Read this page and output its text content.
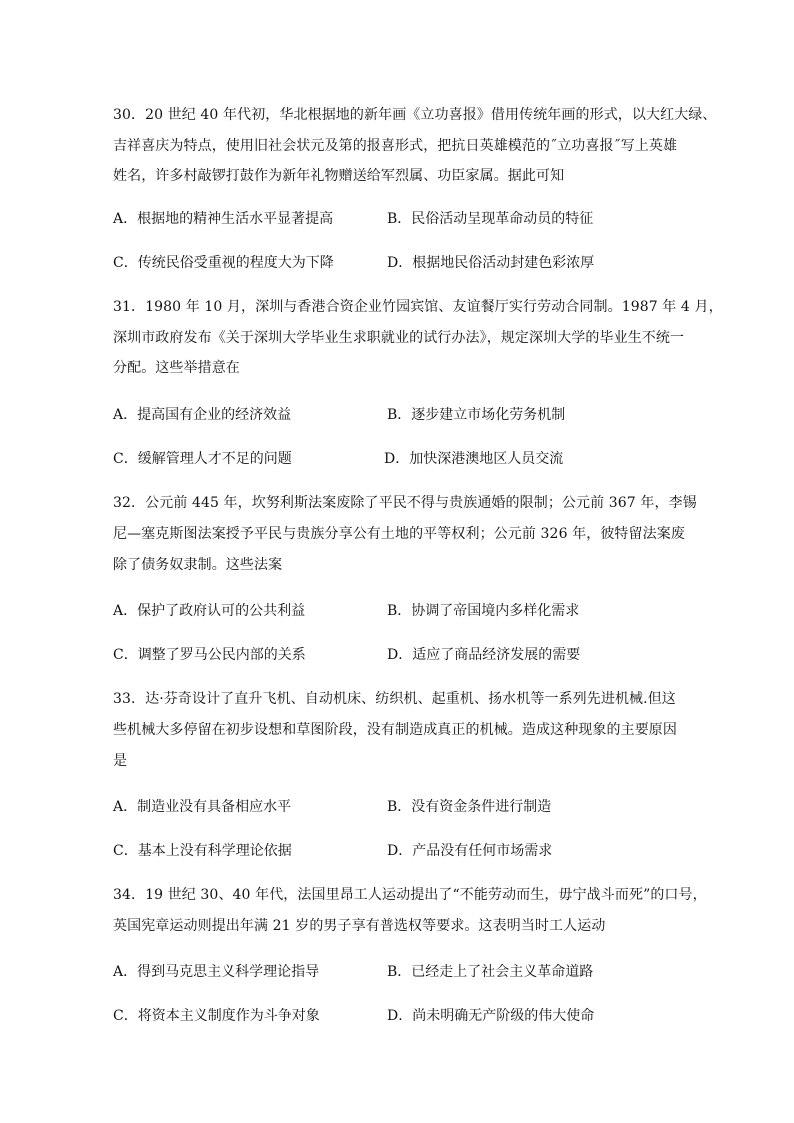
30．20 世纪 40 年代初，华北根据地的新年画《立功喜报》借用传统年画的形式，以大红大绿、
吉祥喜庆为特点，使用旧社会状元及第的报喜形式，把抗日英雄模范的˝立功喜报˝写上英雄
姓名，许多村敲锣打鼓作为新年礼物赠送给军烈属、功臣家属。据此可知
A．根据地的精神生活水平显著提高	B．民俗活动呈现革命动员的特征
C．传统民俗受重视的程度大为下降	D．根据地民俗活动封建色彩浓厚
31．1980 年 10 月，深圳与香港合资企业竹园宾馆、友谊餐厅实行劳动合同制。1987 年 4 月，
深圳市政府发布《关于深圳大学毕业生求职就业的试行办法》，规定深圳大学的毕业生不统一
分配。这些举措意在
A．提高国有企业的经济效益	B．逐步建立市场化劳务机制
C．缓解管理人才不足的问题	D．加快深港澳地区人员交流
32．公元前 445 年，坎努利斯法案废除了平民不得与贵族通婚的限制；公元前 367 年，李锡
尼—塞克斯图法案授予平民与贵族分享公有土地的平等权利；公元前 326 年，彼特留法案废
除了债务奴隶制。这些法案
A．保护了政府认可的公共利益	B．协调了帝国境内多样化需求
C．调整了罗马公民内部的关系	D．适应了商品经济发展的需要
33．达·芬奇设计了直升飞机、自动机床、纺织机、起重机、扬水机等一系列先进机械.但这
些机械大多停留在初步设想和草图阶段，没有制造成真正的机械。造成这种现象的主要原因
是
A．制造业没有具备相应水平	B．没有资金条件进行制造
C．基本上没有科学理论依据	D．产品没有任何市场需求
34．19 世纪 30、40 年代，法国里昂工人运动提出了“不能劳动而生，毋宁战斗而死”的口号，
英国宪章运动则提出年满 21 岁的男子享有普选权等要求。这表明当时工人运动
A．得到马克思主义科学理论指导	B．已经走上了社会主义革命道路
C．将资本主义制度作为斗争对象	D．尚未明确无产阶级的伟大使命
